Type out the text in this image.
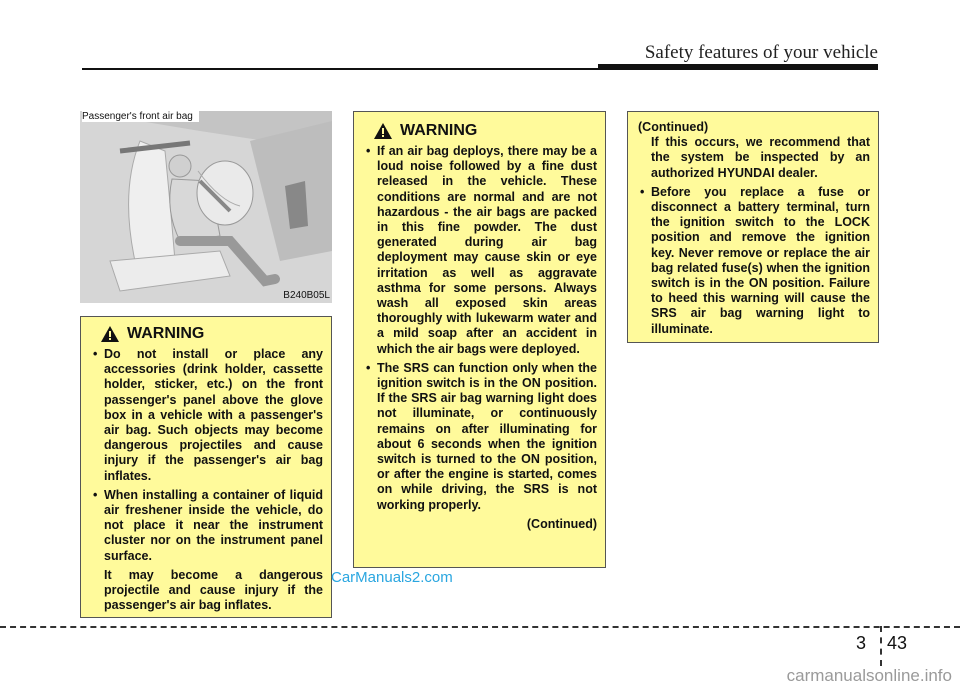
Safety features of your vehicle
Passenger's front air bag
B240B05L
WARNING
• Do not install or place any accessories (drink holder, cassette holder, sticker, etc.) on the front passenger's panel above the glove box in a vehicle with a passenger's air bag. Such objects may become dangerous projectiles and cause injury if the passenger's air bag inflates.
• When installing a container of liquid air freshener inside the vehicle, do not place it near the instrument cluster nor on the instrument panel surface.
It may become a dangerous projectile and cause injury if the passenger's air bag inflates.
WARNING
• If an air bag deploys, there may be a loud noise followed by a fine dust released in the vehicle. These conditions are normal and are not hazardous - the air bags are packed in this fine powder. The dust generated during air bag deployment may cause skin or eye irritation as well as aggravate asthma for some persons. Always wash all exposed skin areas thoroughly with lukewarm water and a mild soap after an accident in which the air bags were deployed.
• The SRS can function only when the ignition switch is in the ON position. If the SRS air bag warning light does not illuminate, or continuously remains on after illuminating for about 6 seconds when the ignition switch is turned to the ON position, or after the engine is started, comes on while driving, the SRS is not working properly.
(Continued)
(Continued)
If this occurs, we recommend that the system be inspected by an authorized HYUNDAI dealer.
• Before you replace a fuse or disconnect a battery terminal, turn the ignition switch to the LOCK position and remove the ignition key. Never remove or replace the air bag related fuse(s) when the ignition switch is in the ON position. Failure to heed this warning will cause the SRS air bag warning light to illuminate.
CarManuals2.com
3 43
carmanualsonline.info
